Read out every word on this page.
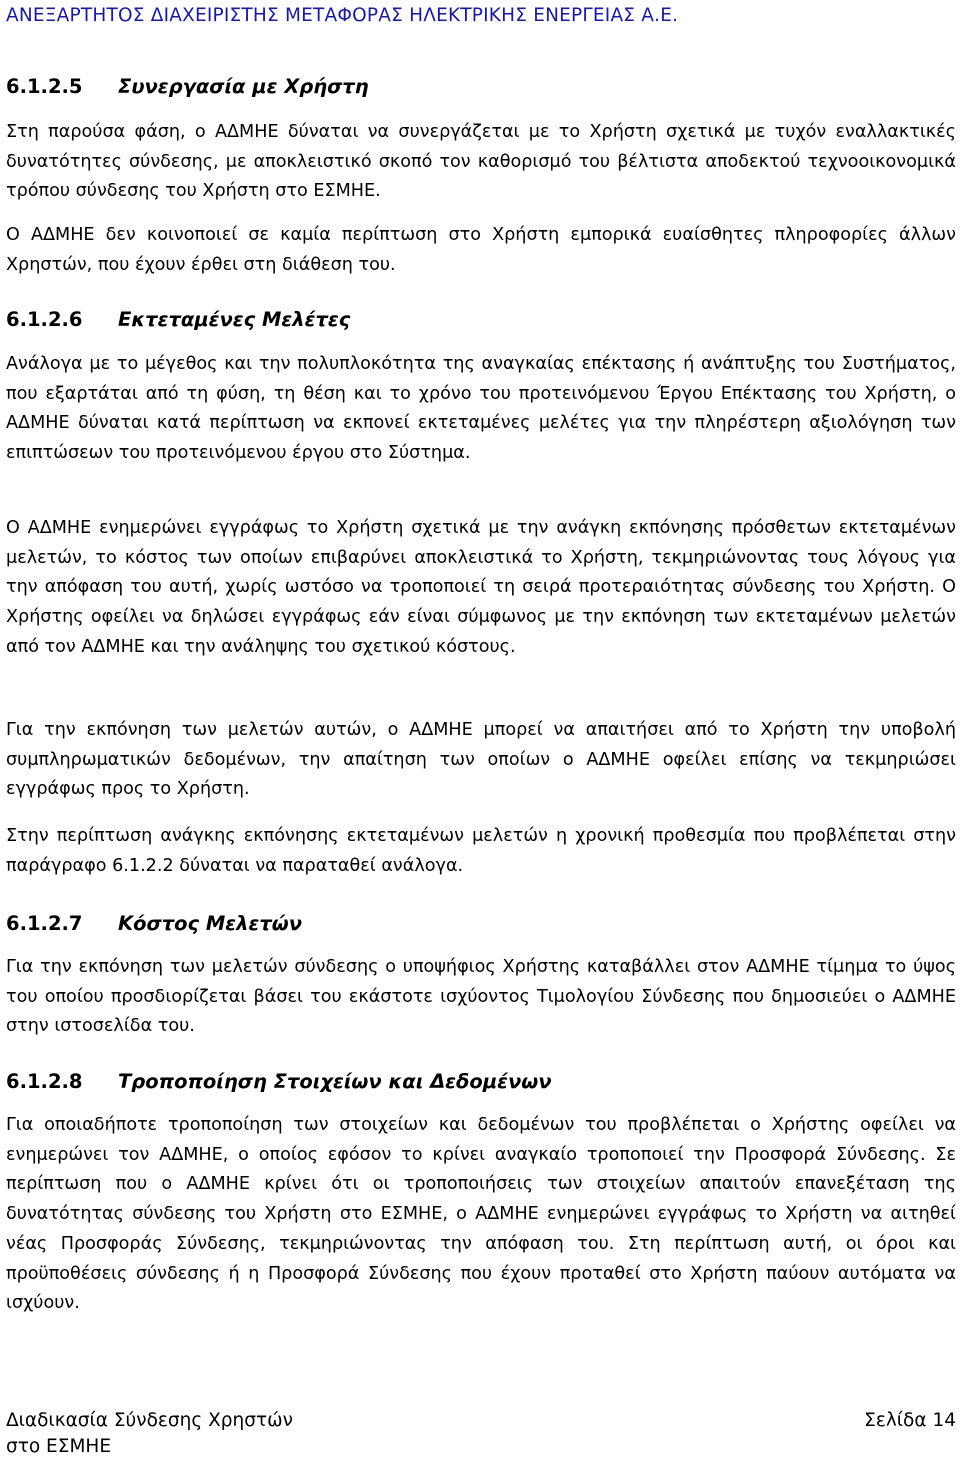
ΑΝΕΞΑΡΤΗΤΟΣ ΔΙΑΧΕΙΡΙΣΤΗΣ ΜΕΤΑΦΟΡΑΣ ΗΛΕΚΤΡΙΚΗΣ ΕΝΕΡΓΕΙΑΣ Α.Ε.
6.1.2.5 Συνεργασία με Χρήστη

Στη παρούσα φάση, ο ΑΔΜΗΕ δύναται να συνεργάζεται με το Χρήστη σχετικά με τυχόν εναλλακτικές δυνατότητες σύνδεσης, με αποκλειστικό σκοπό τον καθορισμό του βέλτιστα αποδεκτού τεχνοοικονομικά τρόπου σύνδεσης του Χρήστη στο ΕΣΜΗΕ.

Ο ΑΔΜΗΕ δεν κοινοποιεί σε καμία περίπτωση στο Χρήστη εμπορικά ευαίσθητες πληροφορίες άλλων Χρηστών, που έχουν έρθει στη διάθεση του.

6.1.2.6 Εκτεταμένες Μελέτες

Ανάλογα με το μέγεθος και την πολυπλοκότητα της αναγκαίας επέκτασης ή ανάπτυξης του Συστήματος, που εξαρτάται από τη φύση, τη θέση και το χρόνο του προτεινόμενου Έργου Επέκτασης του Χρήστη, ο ΑΔΜΗΕ δύναται κατά περίπτωση να εκπονεί εκτεταμένες μελέτες για την πληρέστερη αξιολόγηση των επιπτώσεων του προτεινόμενου έργου στο Σύστημα.

Ο ΑΔΜΗΕ ενημερώνει εγγράφως το Χρήστη σχετικά με την ανάγκη εκπόνησης πρόσθετων εκτεταμένων μελετών, το κόστος των οποίων επιβαρύνει αποκλειστικά το Χρήστη, τεκμηριώνοντας τους λόγους για την απόφαση του αυτή, χωρίς ωστόσο να τροποποιεί τη σειρά προτεραιότητας σύνδεσης του Χρήστη. Ο Χρήστης οφείλει να δηλώσει εγγράφως εάν είναι σύμφωνος με την εκπόνηση των εκτεταμένων μελετών από τον ΑΔΜΗΕ και την ανάληψης του σχετικού κόστους.

Για την εκπόνηση των μελετών αυτών, ο ΑΔΜΗΕ μπορεί να απαιτήσει από το Χρήστη την υποβολή συμπληρωματικών δεδομένων, την απαίτηση των οποίων ο ΑΔΜΗΕ οφείλει επίσης να τεκμηριώσει εγγράφως προς το Χρήστη.

Στην περίπτωση ανάγκης εκπόνησης εκτεταμένων μελετών η χρονική προθεσμία που προβλέπεται στην παράγραφο 6.1.2.2 δύναται να παραταθεί ανάλογα.

6.1.2.7 Κόστος Μελετών

Για την εκπόνηση των μελετών σύνδεσης ο υποψήφιος Χρήστης καταβάλλει στον ΑΔΜΗΕ τίμημα το ύψος του οποίου προσδιορίζεται βάσει του εκάστοτε ισχύοντος Τιμολογίου Σύνδεσης που δημοσιεύει ο ΑΔΜΗΕ στην ιστοσελίδα του.

6.1.2.8 Τροποποίηση Στοιχείων και Δεδομένων

Για οποιαδήποτε τροποποίηση των στοιχείων και δεδομένων του προβλέπεται ο Χρήστης οφείλει να ενημερώνει τον ΑΔΜΗΕ, ο οποίος εφόσον το κρίνει αναγκαίο τροποποιεί την Προσφορά Σύνδεσης. Σε περίπτωση που ο ΑΔΜΗΕ κρίνει ότι οι τροποποιήσεις των στοιχείων απαιτούν επανεξέταση της δυνατότητας σύνδεσης του Χρήστη στο ΕΣΜΗΕ, ο ΑΔΜΗΕ ενημερώνει εγγράφως το Χρήστη να αιτηθεί νέας Προσφοράς Σύνδεσης, τεκμηριώνοντας την απόφαση του. Στη περίπτωση αυτή, οι όροι και προϋποθέσεις σύνδεσης ή η Προσφορά Σύνδεσης που έχουν προταθεί στο Χρήστη παύουν αυτόματα να ισχύουν.

Διαδικασία Σύνδεσης Χρηστών
στο ΕΣΜΗΕ
Σελίδα 14
